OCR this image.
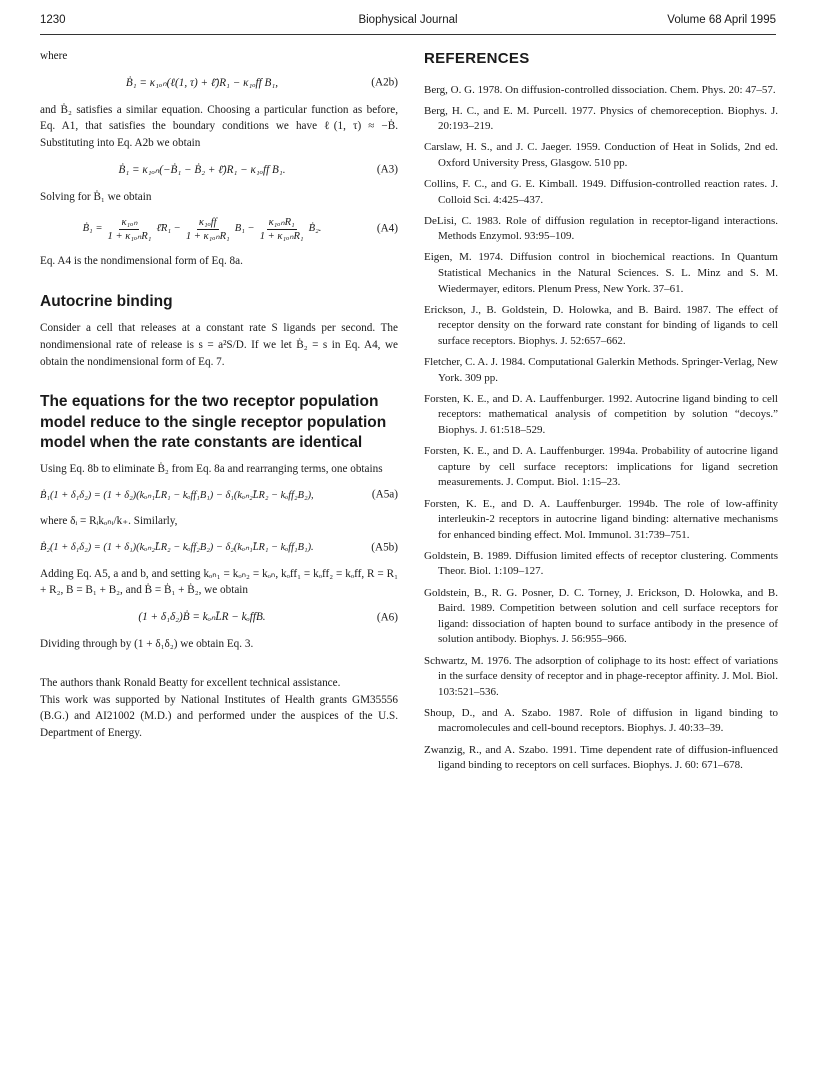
1230	Biophysical Journal	Volume 68 April 1995

where

Ḃ₁ = κ₁ₒₙ(ℓ(1, τ) + ℓ̄)R₁ − κ₁ₒff B₁,	(A2b)

and Ḃ₂ satisfies a similar equation. Choosing a particular function as before, Eq. A1, that satisfies the boundary conditions we have ℓ(1, τ) ≈ −Ḃ. Substituting into Eq. A2b we obtain

Ḃ₁ = κ₁ₒₙ(−Ḃ₁ − Ḃ₂ + ℓ̄)R₁ − κ₁ₒff B₁.	(A3)

Solving for Ḃ₁ we obtain

Ḃ₁ = $\frac{\text{κ₁ₒₙ}}{\text{1 + κ₁ₒₙR₁}}$ ℓ̄R₁ − $\frac{\text{κ₁ₒff}}{\text{1 + κ₁ₒₙR₁}} B_1 - \frac{\text{κ₁ₒₙR₁}}{\text{1 + κ₁ₒₙR₁}}$ Ḃ₂.	(A4)

Eq. A4 is the nondimensional form of Eq. 8a.

Autocrine binding

Consider a cell that releases at a constant rate S ligands per second. The nondimensional rate of release is s = a²S/D. If we let Ḃ₂ = s in Eq. A4, we obtain the nondimensional form of Eq. 7.

The equations for the two receptor population model reduce to the single receptor population model when the rate constants are identical

Using Eq. 8b to eliminate Ḃ₂ from Eq. 8a and rearranging terms, one obtains

Ḃ₁(1 + δ₁δ₂) = (1 + δ₂)(kₒₙ₁L̄R₁ − kₒff₁B₁) − δ₁(kₒₙ₂L̄R₂ − kₒff₂B₂),	(A5a)

where δᵢ = Rᵢkₒₙᵢ/k₊. Similarly,

Ḃ₂(1 + δ₁δ₂) = (1 + δ₁)(kₒₙ₂L̄R₂ − kₒff₂B₂) − δ₂(kₒₙ₁L̄R₁ − kₒff₁B₁).	(A5b)

Adding Eq. A5, a and b, and setting kₒₙ₁ = kₒₙ₂ = kₒₙ, kₒff₁ = kₒff₂ = kₒff, R = R₁ + R₂, B = B₁ + B₂, and Ḃ = Ḃ₁ + Ḃ₂, we obtain

(1 + δ₁δ₂)Ḃ = kₒₙL̄R − kₒffB.	(A6)

Dividing through by (1 + δ₁δ₂) we obtain Eq. 3.

The authors thank Ronald Beatty for excellent technical assistance.

This work was supported by National Institutes of Health grants GM35556 (B.G.) and AI21002 (M.D.) and performed under the auspices of the U.S. Department of Energy.

REFERENCES

Berg, O. G. 1978. On diffusion-controlled dissociation. Chem. Phys. 20: 47–57.

Berg, H. C., and E. M. Purcell. 1977. Physics of chemoreception. Biophys. J. 20:193–219.

Carslaw, H. S., and J. C. Jaeger. 1959. Conduction of Heat in Solids, 2nd ed. Oxford University Press, Glasgow. 510 pp.

Collins, F. C., and G. E. Kimball. 1949. Diffusion-controlled reaction rates. J. Colloid Sci. 4:425–437.

DeLisi, C. 1983. Role of diffusion regulation in receptor-ligand interactions. Methods Enzymol. 93:95–109.

Eigen, M. 1974. Diffusion control in biochemical reactions. In Quantum Statistical Mechanics in the Natural Sciences. S. L. Minz and S. M. Wiedermayer, editors. Plenum Press, New York. 37–61.

Erickson, J., B. Goldstein, D. Holowka, and B. Baird. 1987. The effect of receptor density on the forward rate constant for binding of ligands to cell surface receptors. Biophys. J. 52:657–662.

Fletcher, C. A. J. 1984. Computational Galerkin Methods. Springer-Verlag, New York. 309 pp.

Forsten, K. E., and D. A. Lauffenburger. 1992. Autocrine ligand binding to cell receptors: mathematical analysis of competition by solution “decoys.” Biophys. J. 61:518–529.

Forsten, K. E., and D. A. Lauffenburger. 1994a. Probability of autocrine ligand capture by cell surface receptors: implications for ligand secretion measurements. J. Comput. Biol. 1:15–23.

Forsten, K. E., and D. A. Lauffenburger. 1994b. The role of low-affinity interleukin-2 receptors in autocrine ligand binding: alternative mechanisms for enhanced binding effect. Mol. Immunol. 31:739–751.

Goldstein, B. 1989. Diffusion limited effects of receptor clustering. Comments Theor. Biol. 1:109–127.

Goldstein, B., R. G. Posner, D. C. Torney, J. Erickson, D. Holowka, and B. Baird. 1989. Competition between solution and cell surface receptors for ligand: dissociation of hapten bound to surface antibody in the presence of solution antibody. Biophys. J. 56:955–966.

Schwartz, M. 1976. The adsorption of coliphage to its host: effect of variations in the surface density of receptor and in phage-receptor affinity. J. Mol. Biol. 103:521–536.

Shoup, D., and A. Szabo. 1987. Role of diffusion in ligand binding to macromolecules and cell-bound receptors. Biophys. J. 40:33–39.

Zwanzig, R., and A. Szabo. 1991. Time dependent rate of diffusion-influenced ligand binding to receptors on cell surfaces. Biophys. J. 60: 671–678.
